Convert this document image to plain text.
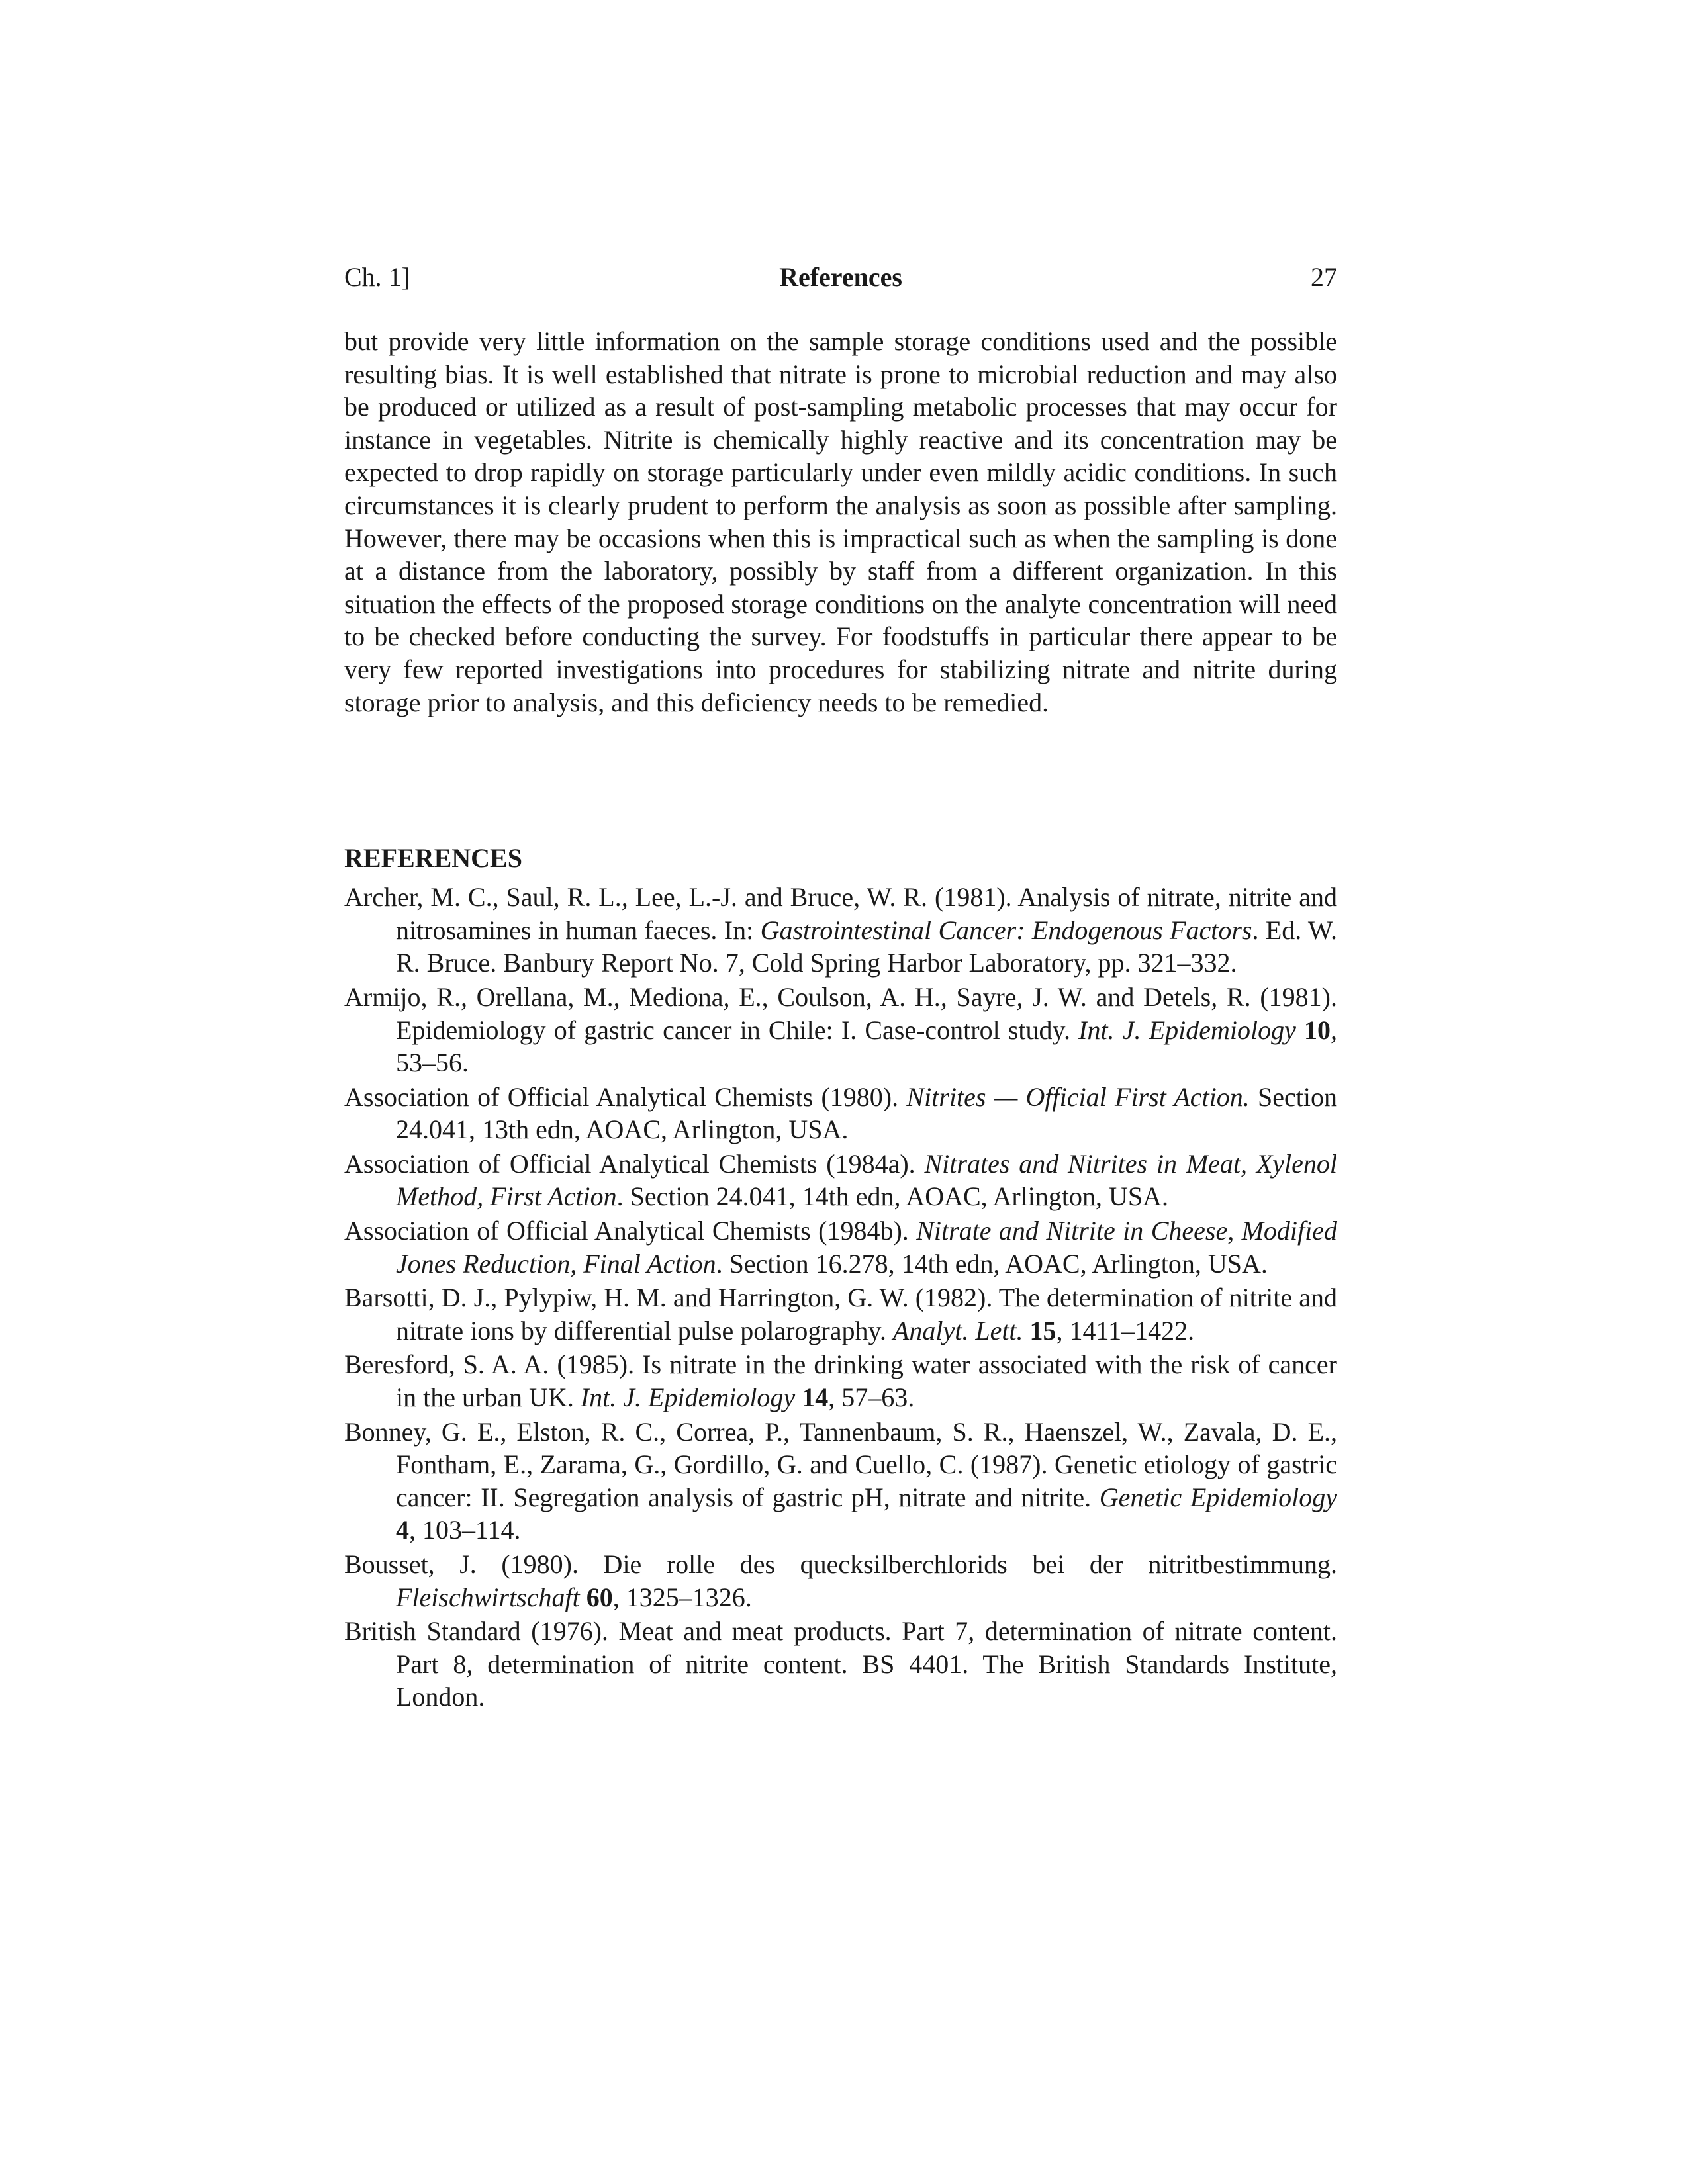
Ch. 1]	References	27

but provide very little information on the sample storage conditions used and the possible resulting bias. It is well established that nitrate is prone to microbial reduction and may also be produced or utilized as a result of post-sampling metabolic processes that may occur for instance in vegetables. Nitrite is chemically highly reactive and its concentration may be expected to drop rapidly on storage particularly under even mildly acidic conditions. In such circumstances it is clearly prudent to perform the analysis as soon as possible after sampling. However, there may be occasions when this is impractical such as when the sampling is done at a distance from the laboratory, possibly by staff from a different organization. In this situation the effects of the proposed storage conditions on the analyte concentration will need to be checked before conducting the survey. For foodstuffs in particular there appear to be very few reported investigations into procedures for stabilizing nitrate and nitrite during storage prior to analysis, and this deficiency needs to be remedied.

REFERENCES
Archer, M. C., Saul, R. L., Lee, L.-J. and Bruce, W. R. (1981). Analysis of nitrate, nitrite and nitrosamines in human faeces. In: Gastrointestinal Cancer: Endogenous Factors. Ed. W. R. Bruce. Banbury Report No. 7, Cold Spring Harbor Laboratory, pp. 321–332.
Armijo, R., Orellana, M., Mediona, E., Coulson, A. H., Sayre, J. W. and Detels, R. (1981). Epidemiology of gastric cancer in Chile: I. Case-control study. Int. J. Epidemiology 10, 53–56.
Association of Official Analytical Chemists (1980). Nitrites — Official First Action. Section 24.041, 13th edn, AOAC, Arlington, USA.
Association of Official Analytical Chemists (1984a). Nitrates and Nitrites in Meat, Xylenol Method, First Action. Section 24.041, 14th edn, AOAC, Arlington, USA.
Association of Official Analytical Chemists (1984b). Nitrate and Nitrite in Cheese, Modified Jones Reduction, Final Action. Section 16.278, 14th edn, AOAC, Arlington, USA.
Barsotti, D. J., Pylypiw, H. M. and Harrington, G. W. (1982). The determination of nitrite and nitrate ions by differential pulse polarography. Analyt. Lett. 15, 1411–1422.
Beresford, S. A. A. (1985). Is nitrate in the drinking water associated with the risk of cancer in the urban UK. Int. J. Epidemiology 14, 57–63.
Bonney, G. E., Elston, R. C., Correa, P., Tannenbaum, S. R., Haenszel, W., Zavala, D. E., Fontham, E., Zarama, G., Gordillo, G. and Cuello, C. (1987). Genetic etiology of gastric cancer: II. Segregation analysis of gastric pH, nitrate and nitrite. Genetic Epidemiology 4, 103–114.
Bousset, J. (1980). Die rolle des quecksilberchlorids bei der nitritbestimmung. Fleischwirtschaft 60, 1325–1326.
British Standard (1976). Meat and meat products. Part 7, determination of nitrate content. Part 8, determination of nitrite content. BS 4401. The British Standards Institute, London.
